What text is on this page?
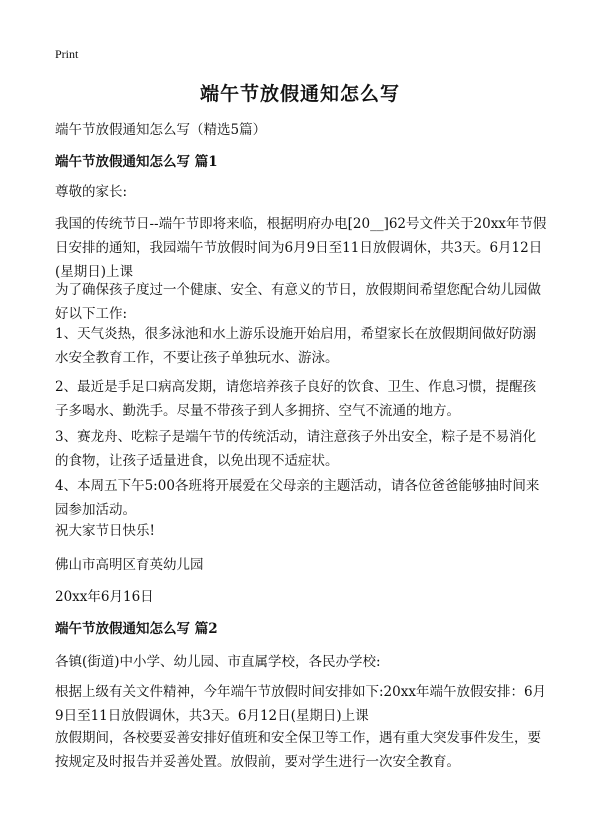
Print
端午节放假通知怎么写

端午节放假通知怎么写（精选5篇）

端午节放假通知怎么写 篇1

尊敬的家长:

我国的传统节日--端午节即将来临，根据明府办电[20__]62号文件关于20xx年节假日安排的通知，我园端午节放假时间为6月9日至11日放假调休，共3天。6月12日(星期日)上课

为了确保孩子度过一个健康、安全、有意义的节日，放假期间希望您配合幼儿园做好以下工作:

1、天气炎热，很多泳池和水上游乐设施开始启用，希望家长在放假期间做好防溺水安全教育工作，不要让孩子单独玩水、游泳。

2、最近是手足口病高发期，请您培养孩子良好的饮食、卫生、作息习惯，提醒孩子多喝水、勤洗手。尽量不带孩子到人多拥挤、空气不流通的地方。

3、赛龙舟、吃粽子是端午节的传统活动，请注意孩子外出安全，粽子是不易消化的食物，让孩子适量进食，以免出现不适症状。

4、本周五下午5:00各班将开展爱在父母亲的主题活动，请各位爸爸能够抽时间来园参加活动。

祝大家节日快乐!

佛山市高明区育英幼儿园

20xx年6月16日

端午节放假通知怎么写 篇2

各镇(街道)中小学、幼儿园、市直属学校，各民办学校:

根据上级有关文件精神，今年端午节放假时间安排如下:20xx年端午放假安排：6月9日至11日放假调休，共3天。6月12日(星期日)上课

放假期间，各校要妥善安排好值班和安全保卫等工作，遇有重大突发事件发生，要按规定及时报告并妥善处置。放假前，要对学生进行一次安全教育。
